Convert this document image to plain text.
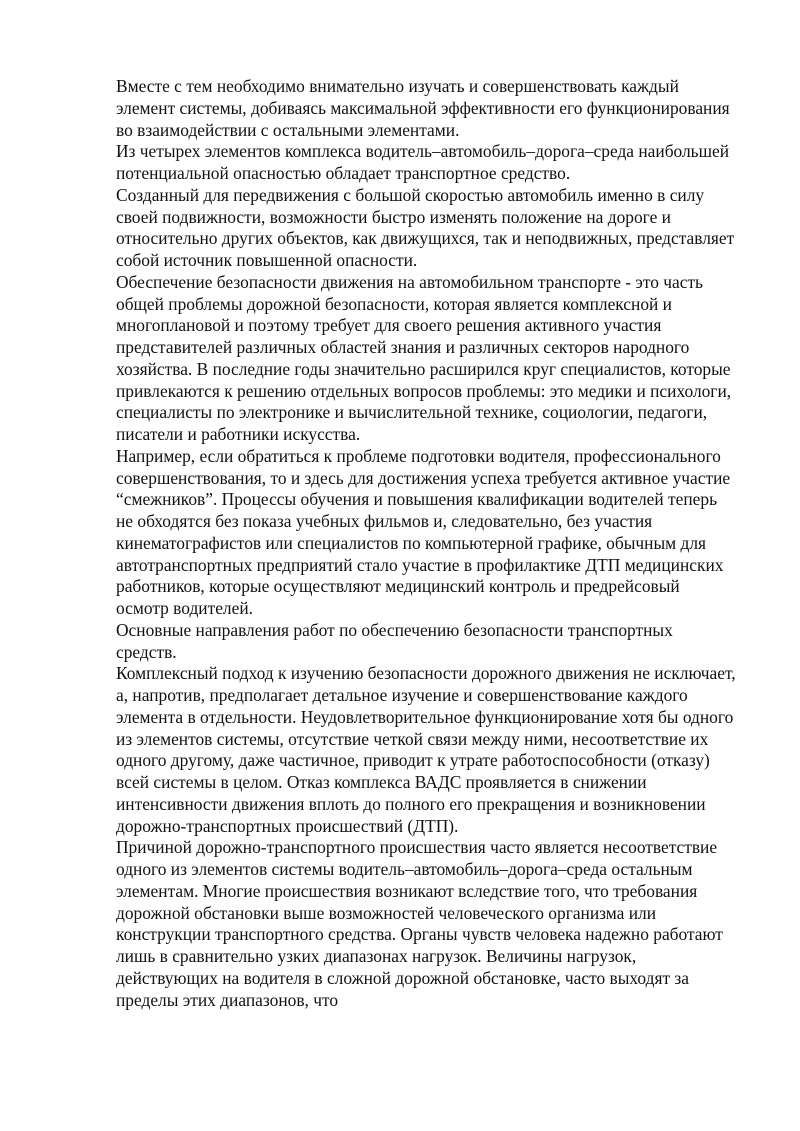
Вместе с тем необходимо внимательно изучать и совершенствовать каждый элемент системы, добиваясь максимальной эффективности его функционирования во взаимодействии с остальными элементами.

Из четырех элементов комплекса водитель–автомобиль–дорога–среда наибольшей потенциальной опасностью обладает транспортное средство.

Созданный для передвижения с большой скоростью автомобиль именно в силу своей подвижности, возможности быстро изменять положение на дороге и относительно других объектов, как движущихся, так и неподвижных, представляет собой источник повышенной опасности.

Обеспечение безопасности движения на автомобильном транспорте - это часть общей проблемы дорожной безопасности, которая является комплексной и многоплановой и поэтому требует для своего решения активного участия представителей различных областей знания и различных секторов народного хозяйства. В последние годы значительно расширился круг специалистов, которые привлекаются к решению отдельных вопросов проблемы: это медики и психологи, специалисты по электронике и вычислительной технике, социологии, педагоги, писатели и работники искусства.

Например, если обратиться к проблеме подготовки водителя, профессионального совершенствования, то и здесь для достижения успеха требуется активное участие “смежников”. Процессы обучения и повышения квалификации водителей теперь не обходятся без показа учебных фильмов и, следовательно, без участия кинематографистов или специалистов по компьютерной графике, обычным для автотранспортных предприятий стало участие в профилактике ДТП медицинских работников, которые осуществляют медицинский контроль и предрейсовый осмотр водителей.

Основные направления работ по обеспечению безопасности транспортных средств.

Комплексный подход к изучению безопасности дорожного движения не исключает, а, напротив, предполагает детальное изучение и совершенствование каждого элемента в отдельности. Неудовлетворительное функционирование хотя бы одного из элементов системы, отсутствие четкой связи между ними, несоответствие их одного другому, даже частичное, приводит к утрате работоспособности (отказу) всей системы в целом. Отказ комплекса ВАДС проявляется в снижении интенсивности движения вплоть до полного его прекращения и возникновении дорожно-транспортных происшествий (ДТП).

Причиной дорожно-транспортного происшествия часто является несоответствие одного из элементов системы водитель–автомобиль–дорога–среда остальным элементам. Многие происшествия возникают вследствие того, что требования дорожной обстановки выше возможностей человеческого организма или конструкции транспортного средства. Органы чувств человека надежно работают лишь в сравнительно узких диапазонах нагрузок. Величины нагрузок, действующих на водителя в сложной дорожной обстановке, часто выходят за пределы этих диапазонов, что
